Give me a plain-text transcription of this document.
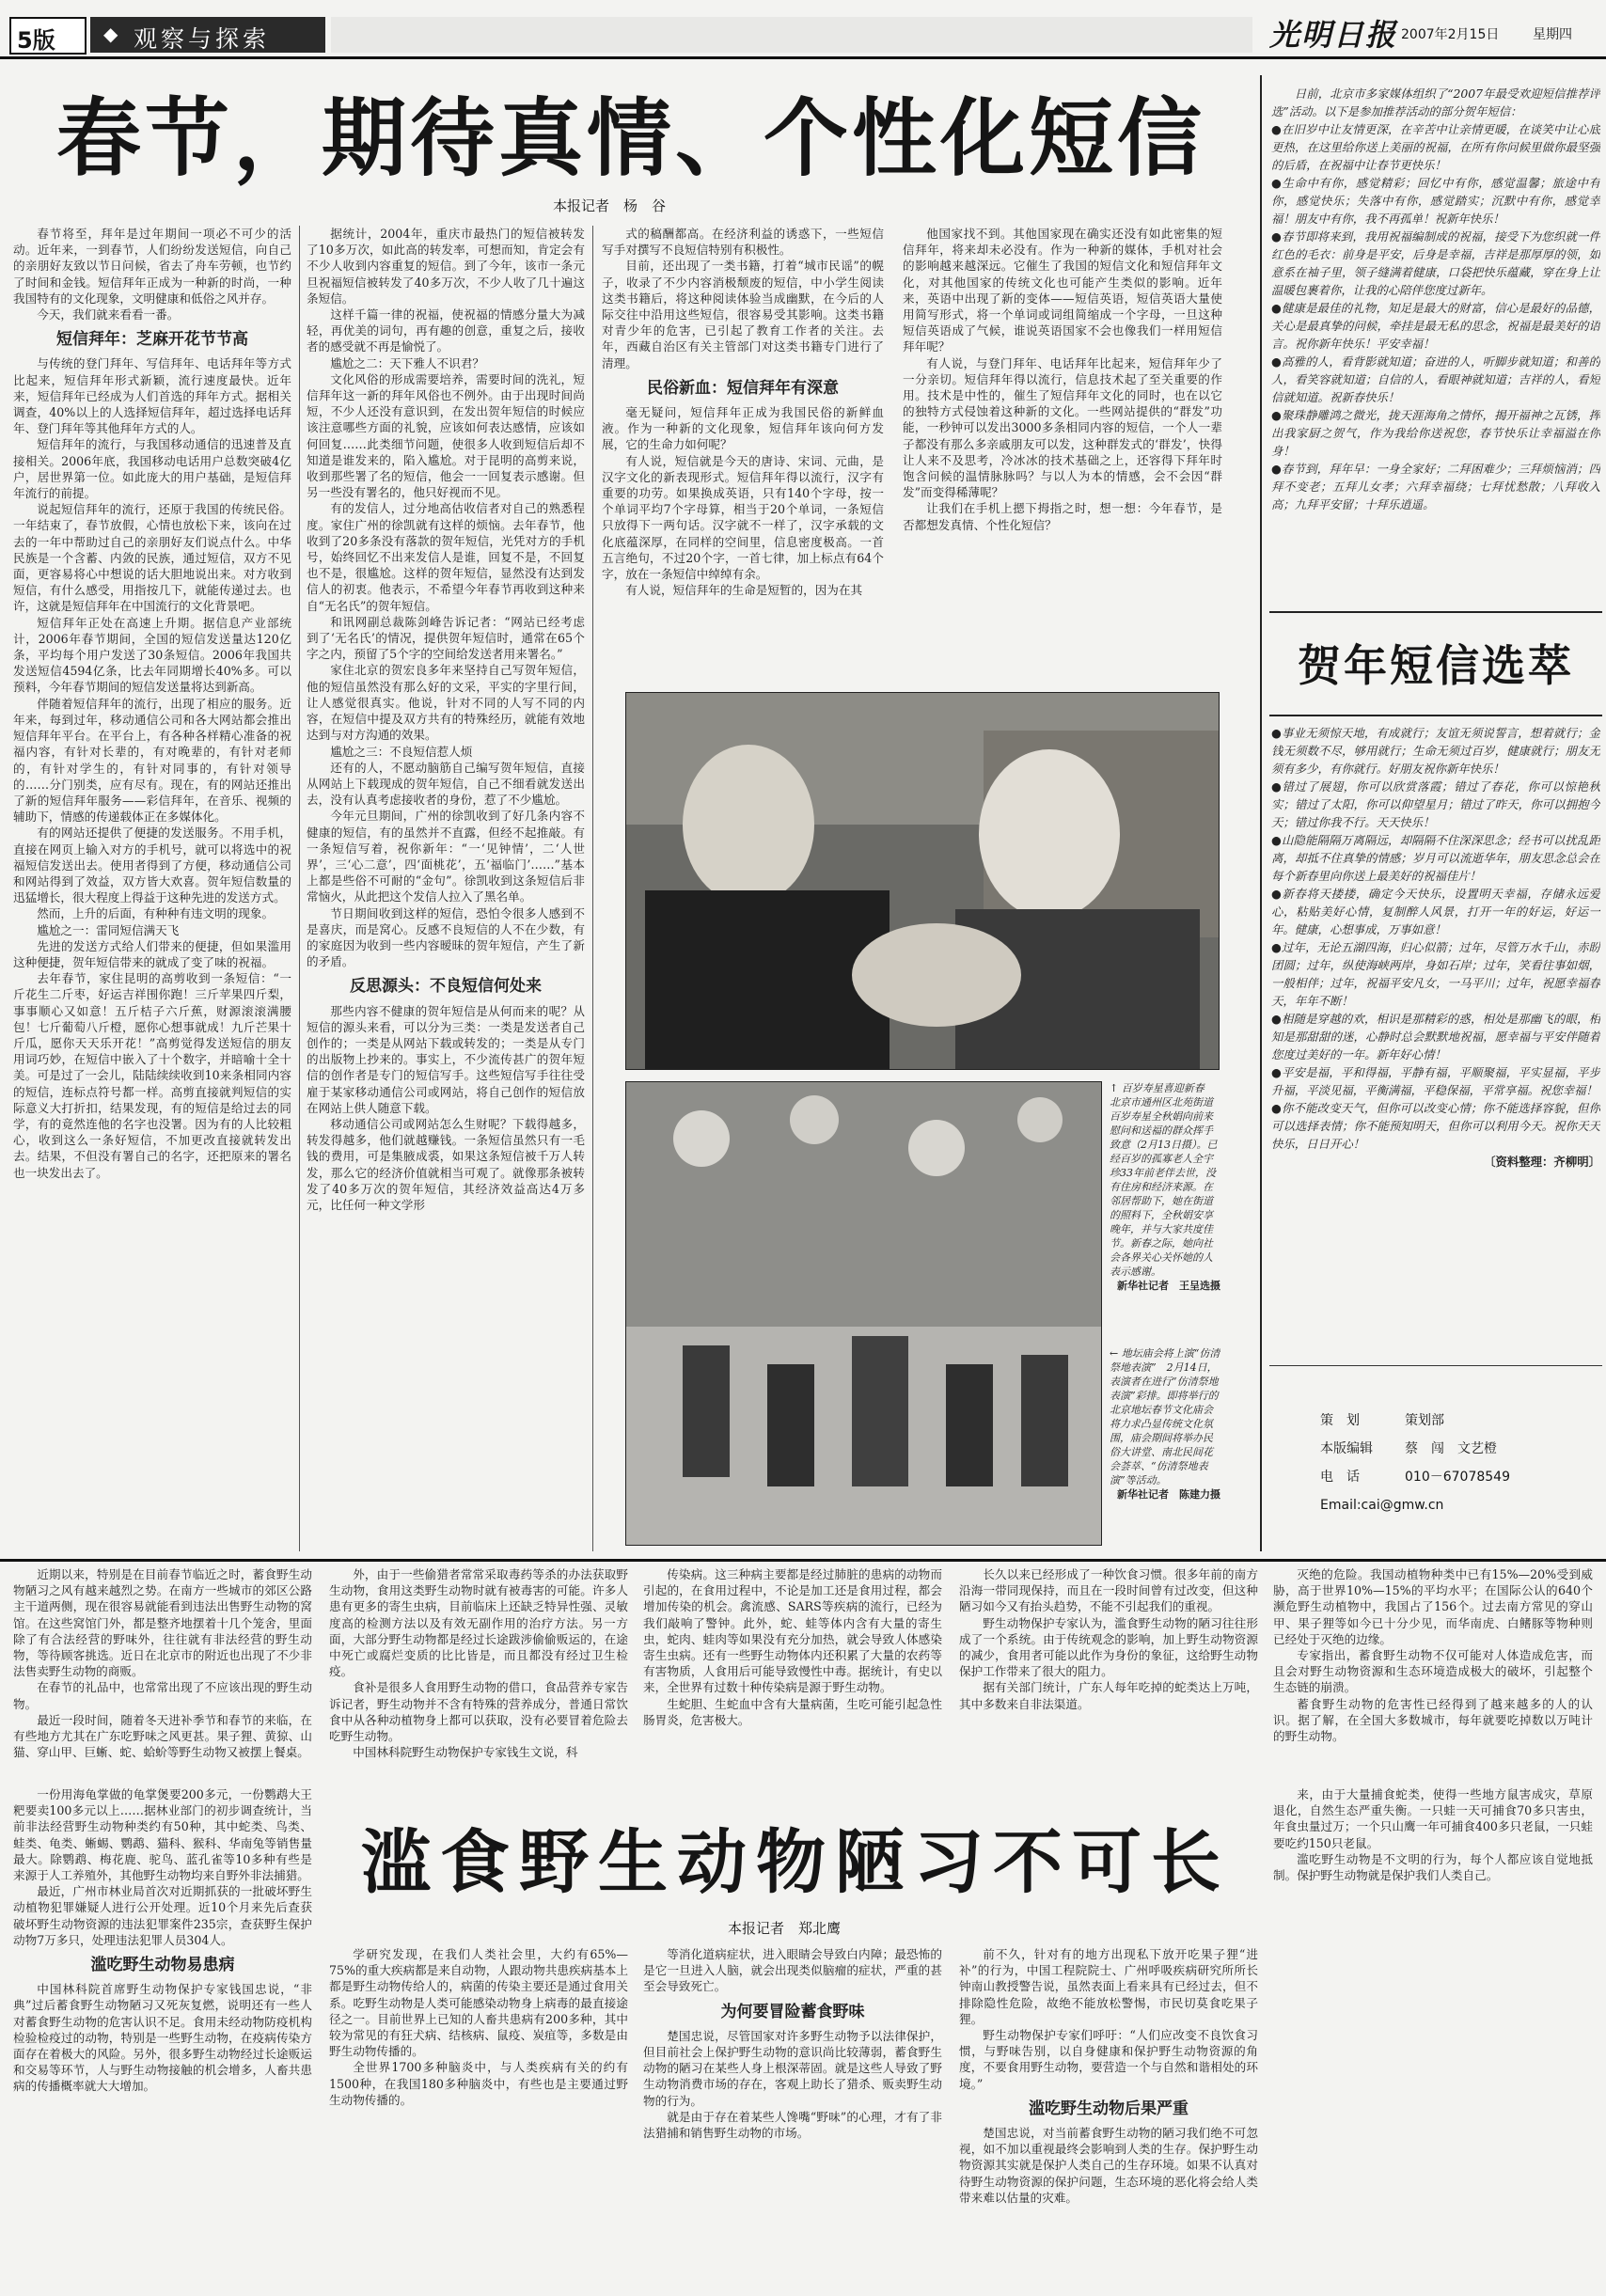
5版	◆ 观察与探索	光明日报 2007年2月15日	星期四
春节，期待真情、个性化短信
本报记者　杨　谷

春节将至，拜年是过年期间一项必不可少的活动。近年来，一到春节，人们纷纷发送短信，向自己的亲朋好友致以节日问候，省去了舟车劳顿，也节约了时间和金钱。短信拜年正成为一种新的时尚，一种我国特有的文化现象，文明健康和低俗之风并存。

今天，我们就来看看一番。

短信拜年：芝麻开花节节高

与传统的登门拜年、写信拜年、电话拜年等方式比起来，短信拜年形式新颖，流行速度最快。近年来，短信拜年已经成为人们首选的拜年方式。据相关调查，40%以上的人选择短信拜年，超过选择电话拜年、登门拜年等其他拜年方式的人。

短信拜年的流行，与我国移动通信的迅速普及直接相关。2006年底，我国移动电话用户总数突破4亿户，居世界第一位。如此庞大的用户基础，是短信拜年流行的前提。

说起短信拜年的流行，还原于我国的传统民俗。一年结束了，春节放假，心情也放松下来，该向在过去的一年中帮助过自己的亲朋好友们说点什么。中华民族是一个含蓄、内敛的民族，通过短信，双方不见面，更容易将心中想说的话大胆地说出来。对方收到短信，有什么感受，用指按几下，就能传递过去。也许，这就是短信拜年在中国流行的文化背景吧。

短信拜年正处在高速上升期。据信息产业部统计，2006年春节期间，全国的短信发送量达120亿条，平均每个用户发送了30条短信。2006年我国共发送短信4594亿条，比去年同期增长40%多。可以预料，今年春节期间的短信发送量将达到新高。

伴随着短信拜年的流行，出现了相应的服务。近年来，每到过年，移动通信公司和各大网站都会推出短信拜年平台。在平台上，有各种各样精心准备的祝福内容，有针对长辈的，有对晚辈的，有针对老师的，有针对学生的，有针对同事的，有针对领导的……分门别类，应有尽有。现在，有的网站还推出了新的短信拜年服务——彩信拜年，在音乐、视频的辅助下，情感的传递载体正在多媒体化。

有的网站还提供了便捷的发送服务。不用手机，直接在网页上输入对方的手机号，就可以将选中的祝福短信发送出去。使用者得到了方便，移动通信公司和网站得到了效益，双方皆大欢喜。贺年短信数量的迅猛增长，很大程度上得益于这种先进的发送方式。

然而，上升的后面，有种种有违文明的现象。

尴尬之一：雷同短信满天飞

先进的发送方式给人们带来的便捷，但如果滥用这种便捷，贺年短信带来的就成了变了味的祝福。

去年春节，家住昆明的高剪收到一条短信：“一斤花生二斤枣，好运吉祥围你跑！三斤苹果四斤梨，事事顺心又如意！五斤桔子六斤蕉，财源滚滚满腰包！七斤葡萄八斤橙，愿你心想事就成！九斤芒果十斤瓜，愿你天天乐开花！”高剪觉得发送短信的朋友用词巧妙，在短信中嵌入了十个数字，并暗喻十全十美。可是过了一会儿，陆陆续续收到10来条相同内容的短信，连标点符号都一样。高剪直接就判短信的实际意义大打折扣，结果发现，有的短信是给过去的同学，有的竟然连他的名字也没署。因为有的人比较粗心，收到这么一条好短信，不加更改直接就转发出去。结果，不但没有署自己的名字，还把原来的署名也一块发出去了。

据统计，2004年，重庆市最热门的短信被转发了10多万次，如此高的转发率，可想而知，肯定会有不少人收到内容重复的短信。到了今年，该市一条元旦祝福短信被转发了40多万次，不少人收了几十遍这条短信。

这样千篇一律的祝福，使祝福的情感分量大为减轻，再优美的词句，再有趣的创意，重复之后，接收者的感受就不再是愉悦了。

尴尬之二：天下雅人不识君？

文化风俗的形成需要培养，需要时间的洗礼，短信拜年这一新的拜年风俗也不例外。由于出现时间尚短，不少人还没有意识到，在发出贺年短信的时候应该注意哪些方面的礼貌，应该如何表达感情，应该如何回复……此类细节问题，使很多人收到短信后却不知道是谁发来的，陷入尴尬。对于昆明的高剪来说，收到那些署了名的短信，他会一一回复表示感谢。但另一些没有署名的，他只好视而不见。

有的发信人，过分地高估收信者对自己的熟悉程度。家住广州的徐凯就有这样的烦恼。去年春节，他收到了20多条没有落款的贺年短信，光凭对方的手机号，始终回忆不出来发信人是谁，回复不是，不回复也不是，很尴尬。这样的贺年短信，显然没有达到发信人的初衷。他表示，不希望今年春节再收到这种来自“无名氏”的贺年短信。

和讯网副总裁陈剑峰告诉记者：“网站已经考虑到了‘无名氏’的情况，提供贺年短信时，通常在65个字之内，预留了5个字的空间给发送者用来署名。”

家住北京的贺宏良多年来坚持自己写贺年短信，他的短信虽然没有那么好的文采，平实的字里行间，让人感觉很真实。他说，针对不同的人写不同的内容，在短信中提及双方共有的特殊经历，就能有效地达到与对方沟通的效果。

尴尬之三：不良短信惹人烦

还有的人，不愿动脑筋自己编写贺年短信，直接从网站上下载现成的贺年短信，自己不细看就发送出去，没有认真考虑接收者的身份，惹了不少尴尬。

今年元旦期间，广州的徐凯收到了好几条内容不健康的短信，有的虽然并不直露，但经不起推敲。有一条短信写着，祝你新年：“一‘见钟情’，二‘人世界’，三‘心二意’，四‘面桃花’，五‘福临门’……”基本上都是些俗不可耐的“金句”。徐凯收到这条短信后非常恼火，从此把这个发信人拉入了黑名单。

节日期间收到这样的短信，恐怕令很多人感到不是喜庆，而是窝心。反感不良短信的人不在少数，有的家庭因为收到一些内容暧昧的贺年短信，产生了新的矛盾。

反思源头：不良短信何处来

那些内容不健康的贺年短信是从何而来的呢？从短信的源头来看，可以分为三类：一类是发送者自己创作的；一类是从网站下载或转发的；一类是从专门的出版物上抄来的。事实上，不少流传甚广的贺年短信的创作者是专门的短信写手。这些短信写手往往受雇于某家移动通信公司或网站，将自己创作的短信放在网站上供人随意下载。

移动通信公司或网站怎么生财呢？下载得越多，转发得越多，他们就越赚钱。一条短信虽然只有一毛钱的费用，可是集腋成裘，如果这条短信被千万人转发，那么它的经济价值就相当可观了。就像那条被转发了40多万次的贺年短信，其经济效益高达4万多元，比任何一种文学形

式的稿酬都高。在经济利益的诱惑下，一些短信写手对撰写不良短信特别有积极性。

目前，还出现了一类书籍，打着“城市民谣”的幌子，收录了不少内容消极颓废的短信，中小学生阅读这类书籍后，将这种阅读体验当成幽默，在今后的人际交往中沿用这些短信，很容易受其影响。这类书籍对青少年的危害，已引起了教育工作者的关注。去年，西藏自治区有关主管部门对这类书籍专门进行了清理。

民俗新血：短信拜年有深意

毫无疑问，短信拜年正成为我国民俗的新鲜血液。作为一种新的文化现象，短信拜年该向何方发展，它的生命力如何呢？

有人说，短信就是今天的唐诗、宋词、元曲，是汉字文化的新表现形式。短信拜年得以流行，汉字有重要的功劳。如果换成英语，只有140个字母，按一个单词平均7个字母算，相当于20个单词，一条短信只放得下一两句话。汉字就不一样了，汉字承载的文化底蕴深厚，在同样的空间里，信息密度极高。一首五言绝句，不过20个字，一首七律，加上标点有64个字，放在一条短信中绰绰有余。

有人说，短信拜年的生命是短暂的，因为在其

他国家找不到。其他国家现在确实还没有如此密集的短信拜年，将来却未必没有。作为一种新的媒体，手机对社会的影响越来越深远。它催生了我国的短信文化和短信拜年文化，对其他国家的传统文化也可能产生类似的影响。近年来，英语中出现了新的变体——短信英语，短信英语大量使用简写形式，将一个单词或词组简缩成一个字母，一旦这种短信英语成了气候，谁说英语国家不会也像我们一样用短信拜年呢？

有人说，与登门拜年、电话拜年比起来，短信拜年少了一分亲切。短信拜年得以流行，信息技术起了至关重要的作用。技术是中性的，催生了短信拜年文化的同时，也在以它的独特方式侵蚀着这种新的文化。一些网站提供的“群发”功能，一秒钟可以发出3000多条相同内容的短信，一个人一辈子都没有那么多亲戚朋友可以发，这种群发式的‘群发’，快得让人来不及思考，冷冰冰的技术基础之上，还容得下拜年时饱含问候的温情脉脉吗？与以人为本的情感，会不会因“群发”而变得稀薄呢？

让我们在手机上摁下拇指之时，想一想：今年春节，是否都想发真情、个性化短信？

↑ 百岁寿星喜迎新春　北京市通州区北苑街道百岁寿星全秋娟向前来慰问和送福的群众挥手致意（2月13日摄）。已经百岁的孤寡老人全宇珍33年前老伴去世，没有住房和经济来源。在邻居帮助下，她在街道的照料下，全秋娟安享晚年，并与大家共度佳节。新春之际，她向社会各界关心关怀她的人表示感谢。
新华社记者　王呈选摄
← 地坛庙会将上演“仿清祭地表演”　2月14日，表演者在进行“仿清祭地表演”彩排。即将举行的北京地坛春节文化庙会将力求凸显传统文化氛围，庙会期间将举办民俗大讲堂、南北民间花会荟萃、“仿清祭地表演”等活动。
新华社记者　陈建力摄

日前，北京市多家媒体组织了“2007年最受欢迎短信推荐评选”活动。以下是参加推荐活动的部分贺年短信：

●在旧岁中让友情更深，在辛苦中让亲情更暖，在谈笑中让心底更热，在这里给你送上美丽的祝福，在所有你问候里做你最坚强的后盾，在祝福中让春节更快乐！

●生命中有你，感觉精彩；回忆中有你，感觉温馨；旅途中有你，感觉快乐；失落中有你，感觉踏实；沉默中有你，感觉幸福！朋友中有你，我不再孤单！祝新年快乐！

●春节即将来到，我用祝福编制成的祝福，接受下为您织就一件红色的毛衣：前身是平安，后身是幸福，吉祥是那厚厚的领，如意系在袖子里，领子缝满着健康，口袋把快乐蕴藏，穿在身上让温暖包裹着你，让我的心陪伴您度过新年。

●健康是最佳的礼物，知足是最大的财富，信心是最好的品德，关心是最真挚的问候，牵挂是最无私的思念，祝福是最美好的语言。祝你新年快乐！平安幸福！

●高雅的人，看背影就知道；奋进的人，听脚步就知道；和善的人，看笑容就知道；自信的人，看眼神就知道；吉祥的人，看短信就知道。祝新春快乐！

●聚珠静雕鸿之微光，拢天涯海角之情怀，揭开福神之瓦锈，挥出我家厨之贺气，作为我给你送祝您，春节快乐让幸福溢在你身！

●春节到，拜年早：一身全家好；二拜困难少；三拜烦恼消；四拜不变老；五拜儿女孝；六拜幸福绕；七拜忧愁散；八拜收入高；九拜平安留；十拜乐逍遥。

贺年短信选萃

●事业无须惊天地，有成就行；友谊无须说誓言，想着就行；金钱无须数不尽，够用就行；生命无须过百岁，健康就行；朋友无须有多少，有你就行。好朋友祝你新年快乐！

●错过了展翅，你可以欣赏落霞；错过了春花，你可以惊艳秋实；错过了太阳，你可以仰望星月；错过了昨天，你可以拥抱今天；错过你我不行。天天快乐！

●山隐能隔隔万离隔远，却隔隔不住深深思念；经书可以扰乱距离，却抵不住真挚的情感；岁月可以流逝华年，朋友思念总会在每个新春里向你送上最美好的祝福佳片！

●新春将天搂搂，确定今天快乐，设置明天幸福，存储永远爱心，粘贴美好心情，复制醉人风景，打开一年的好运，好运一年。健康，心想事成，万事如意！

●过年，无论五湖四海，归心似箭；过年，尽管万水千山，赤盼团圆；过年，纵使海峡两岸，身如石岸；过年，笑看往事如烟，一般相伴；过年，祝福平安凡女，一马平川；过年，祝愿幸福春天，年年不断！

●相随是穿越的欢，相识是那精彩的惑，相处是那幽飞的眼，相知是那甜甜的迷，心静时总会默默地祝福，愿幸福与平安伴随着您度过美好的一年。新年好心情！

●平安是福，平和得福，平静有福，平顺聚福，平实显福，平步升福，平淡见福，平衡满福，平稳保福，平常享福。祝您幸福！

●你不能改变天气，但你可以改变心情；你不能选择容貌，但你可以选择表情；你不能预知明天，但你可以利用今天。祝你天天快乐，日日开心！

〔资料整理：齐柳明〕

策　划	策划部
本版编辑 蔡　闯　文艺橙
电　话	010－67078549
Email:cai@gmw.cn

近期以来，特别是在目前春节临近之时，蓄食野生动物陋习之风有越来越烈之势。在南方一些城市的郊区公路主干道两侧，现在很容易就能看到违法出售野生动物的窝馆。在这些窝馆门外，都是整齐地摆着十几个笼舍，里面除了有合法经营的野味外，往往就有非法经营的野生动物，等待顾客挑选。近日在北京市的附近也出现了不少非法售卖野生动物的商贩。

在春节的礼品中，也常常出现了不应该出现的野生动物。

最近一段时间，随着冬天进补季节和春节的来临，在有些地方尤其在广东吃野味之风更甚。果子狸、黄猄、山猫、穿山甲、巨蜥、蛇、蛤蚧等野生动物又被摆上餐桌。

外，由于一些偷猎者常常采取毒药等杀的办法获取野生动物，食用这类野生动物时就有被毒害的可能。许多人患有更多的寄生虫病，目前临床上还缺乏特异性强、灵敏度高的检测方法以及有效无副作用的治疗方法。另一方面，大部分野生动物都是经过长途跋涉偷偷贩运的，在途中死亡或腐烂变质的比比皆是，而且都没有经过卫生检疫。

食补是很多人食用野生动物的借口，食品营养专家告诉记者，野生动物并不含有特殊的营养成分，普通日常饮食中从各种动植物身上都可以获取，没有必要冒着危险去吃野生动物。

中国林科院野生动物保护专家钱生文说，科

传染病。这三种病主要都是经过肺脏的患病的动物而引起的，在食用过程中，不论是加工还是食用过程，都会增加传染的机会。禽流感、SARS等疾病的流行，已经为我们敲响了警钟。此外，蛇、蛙等体内含有大量的寄生虫，蛇肉、蛙肉等如果没有充分加热，就会导致人体感染寄生虫病。还有一些野生动物体内还积累了大量的农药等有害物质，人食用后可能导致慢性中毒。据统计，有史以来，全世界有过数十种传染病是源于野生动物。

生蛇胆、生蛇血中含有大量病菌，生吃可能引起急性肠胃炎，危害极大。

长久以来已经形成了一种饮食习惯。很多年前的南方沿海一带同现保持，而且在一段时间曾有过改变，但这种陋习如今又有抬头趋势，不能不引起我们的重视。

野生动物保护专家认为，滥食野生动物的陋习往往形成了一个系统。由于传统观念的影响，加上野生动物资源的减少，食用者可能以此作为身份的象征，这给野生动物保护工作带来了很大的阻力。

据有关部门统计，广东人每年吃掉的蛇类达上万吨，其中多数来自非法渠道。

灭绝的危险。我国动植物种类中已有15%—20%受到威胁，高于世界10%—15%的平均水平；在国际公认的640个濒危野生动植物中，我国占了156个。过去南方常见的穿山甲、果子狸等如今已十分少见，而华南虎、白鳍豚等物种则已经处于灭绝的边缘。

专家指出，蓄食野生动物不仅可能对人体造成危害，而且会对野生动物资源和生态环境造成极大的破坏，引起整个生态链的崩溃。

蓄食野生动物的危害性已经得到了越来越多的人的认识。据了解，在全国大多数城市，每年就要吃掉数以万吨计的野生动物。

滥食野生动物陋习不可长
本报记者　郑北鹰

一份用海龟掌做的龟掌煲要200多元，一份鹦鹉大王粑要卖100多元以上……据林业部门的初步调查统计，当前非法经营野生动物种类约有50种，其中蛇类、鸟类、蛙类、龟类、蜥蜴、鹦鹉、猫科、猴科、华南兔等销售量最大。除鹦鹉、梅花鹿、驼鸟、蓝孔雀等10多种有些是来源于人工养殖外，其他野生动物均来自野外非法捕猎。

最近，广州市林业局首次对近期抓获的一批破坏野生动植物犯罪嫌疑人进行公开处理。近10个月来先后查获破坏野生动物资源的违法犯罪案件235宗，查获野生保护动物7万多只，处理违法犯罪人员304人。

滥吃野生动物易患病

中国林科院首席野生动物保护专家钱国忠说，“非典”过后蓄食野生动物陋习又死灰复燃，说明还有一些人对蓄食野生动物的危害认识不足。食用未经动物防疫机构检验检疫过的动物，特别是一些野生动物，在疫病传染方面存在着极大的风险。另外，很多野生动物经过长途贩运和交易等环节，人与野生动物接触的机会增多，人畜共患病的传播概率就大大增加。

学研究发现，在我们人类社会里，大约有65%—75%的重大疾病都是来自动物，人跟动物共患疾病基本上都是野生动物传给人的，病菌的传染主要还是通过食用关系。吃野生动物是人类可能感染动物身上病毒的最直接途径之一。目前世界上已知的人畜共患病有200多种，其中较为常见的有狂犬病、结核病、鼠疫、炭疽等，多数是由野生动物传播的。

全世界1700多种脑炎中，与人类疾病有关的约有1500种，在我国180多种脑炎中，有些也是主要通过野生动物传播的。

等消化道病症状，进入眼睛会导致白内障；最恐怖的是它一旦进入人脑，就会出现类似脑瘤的症状，严重的甚至会导致死亡。

为何要冒险蓄食野味

楚国忠说，尽管国家对许多野生动物予以法律保护，但目前社会上保护野生动物的意识尚比较薄弱，蓄食野生动物的陋习在某些人身上根深蒂固。就是这些人导致了野生动物消费市场的存在，客观上助长了猎杀、贩卖野生动物的行为。

就是由于存在着某些人馋嘴“野味”的心理，才有了非法猎捕和销售野生动物的市场。

前不久，针对有的地方出现私下放开吃果子狸“进补”的行为，中国工程院院士、广州呼吸疾病研究所所长钟南山教授警告说，虽然表面上看来具有已经过去，但不排除隐性危险，故绝不能放松警惕，市民切莫食吃果子狸。

野生动物保护专家们呼吁：“人们应改变不良饮食习惯，与野味告别，以自身健康和保护野生动物资源的角度，不要食用野生动物，要营造一个与自然和谐相处的环境。”

滥吃野生动物后果严重

楚国忠说，对当前蓄食野生动物的陋习我们绝不可忽视，如不加以重视最终会影响到人类的生存。保护野生动物资源其实就是保护人类自己的生存环境。如果不认真对待野生动物资源的保护问题，生态环境的恶化将会给人类带来难以估量的灾难。

来，由于大量捕食蛇类，使得一些地方鼠害成灾，草原退化，自然生态严重失衡。一只蛙一天可捕食70多只害虫，年食虫量过万；一个只山鹰一年可捕食400多只老鼠，一只蛙要吃约150只老鼠。

滥吃野生动物是不文明的行为，每个人都应该自觉地抵制。保护野生动物就是保护我们人类自己。
